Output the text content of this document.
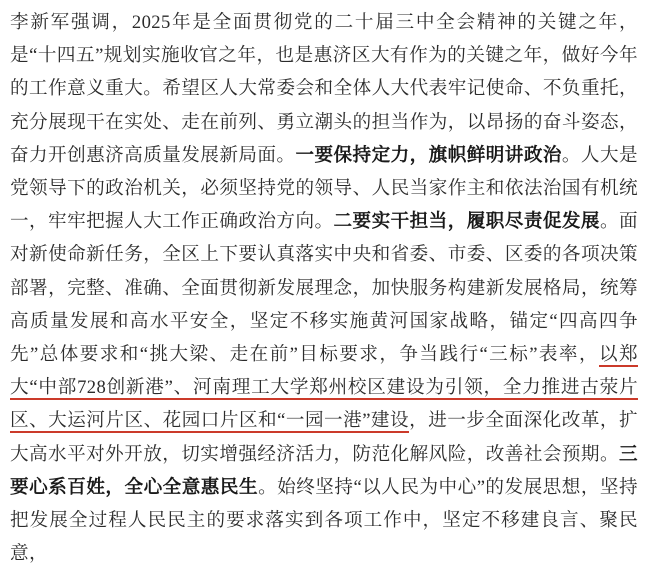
李新军强调，2025年是全面贯彻党的二十届三中全会精神的关键之年，是“十四五”规划实施收官之年，也是惠济区大有作为的关键之年，做好今年的工作意义重大。希望区人大常委会和全体人大代表牢记使命、不负重托，充分展现干在实处、走在前列、勇立潮头的担当作为，以昂扬的奋斗姿态，奋力开创惠济高质量发展新局面。一要保持定力，旗帜鲜明讲政治。人大是党领导下的政治机关，必须坚持党的领导、人民当家作主和依法治国有机统一，牢牢把握人大工作正确政治方向。二要实干担当，履职尽责促发展。面对新使命新任务，全区上下要认真落实中央和省委、市委、区委的各项决策部署，完整、准确、全面贯彻新发展理念，加快服务构建新发展格局，统筹高质量发展和高水平安全，坚定不移实施黄河国家战略，锚定“四高四争先”总体要求和“挑大梁、走在前”目标要求，争当践行“三标”表率，以郑大“中部728创新港”、河南理工大学郑州校区建设为引领，全力推进古荥片区、大运河片区、花园口片区和“一园一港”建设，进一步全面深化改革，扩大高水平对外开放，切实增强经济活力，防范化解风险，改善社会预期。三要心系百姓，全心全意惠民生。始终坚持“以人民为中心”的发展思想，坚持把发展全过程人民民主的要求落实到各项工作中，坚定不移建良言、聚民意，
